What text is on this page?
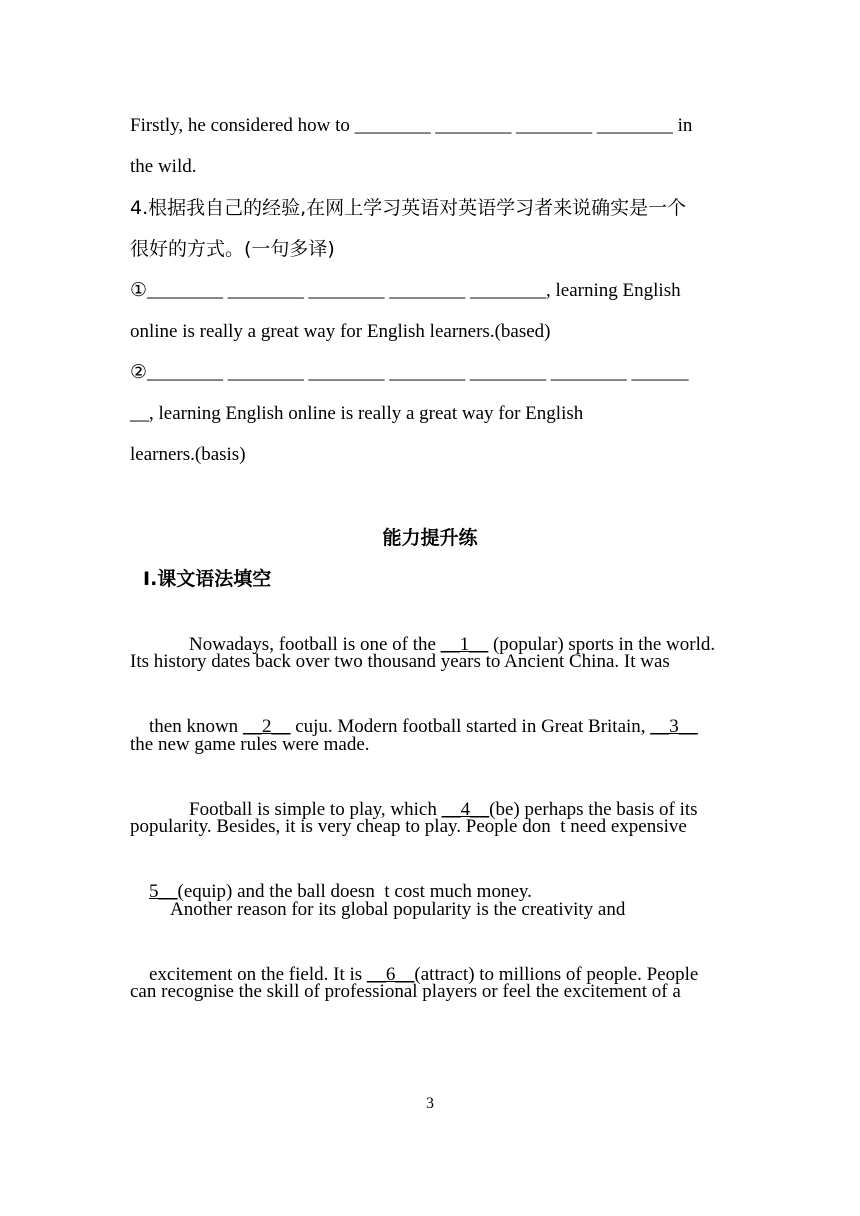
Firstly, he considered how to ________ ________ ________ ________ in
the wild.
4.根据我自己的经验,在网上学习英语对英语学习者来说确实是一个
很好的方式。(一句多译)
①________ ________ ________ ________ ________, learning English
online is really a great way for English learners.(based)
②________ ________ ________ ________ ________ ________ ______
__, learning English online is really a great way for English
learners.(basis)
能力提升练
Ⅰ.课文语法填空

Nowadays, football is one of the __1__ (popular) sports in the world.

Its history dates back over two thousand years to Ancient China. It was

then known __2__ cuju. Modern football started in Great Britain, __3__

the new game rules were made.

Football is simple to play, which __4__(be) perhaps the basis of its

popularity. Besides, it is very cheap to play. People don  t need expensive

5__(equip) and the ball doesn  t cost much money.

Another reason for its global popularity is the creativity and

excitement on the field. It is __6__(attract) to millions of people. People

can recognise the skill of professional players or feel the excitement of a
3
